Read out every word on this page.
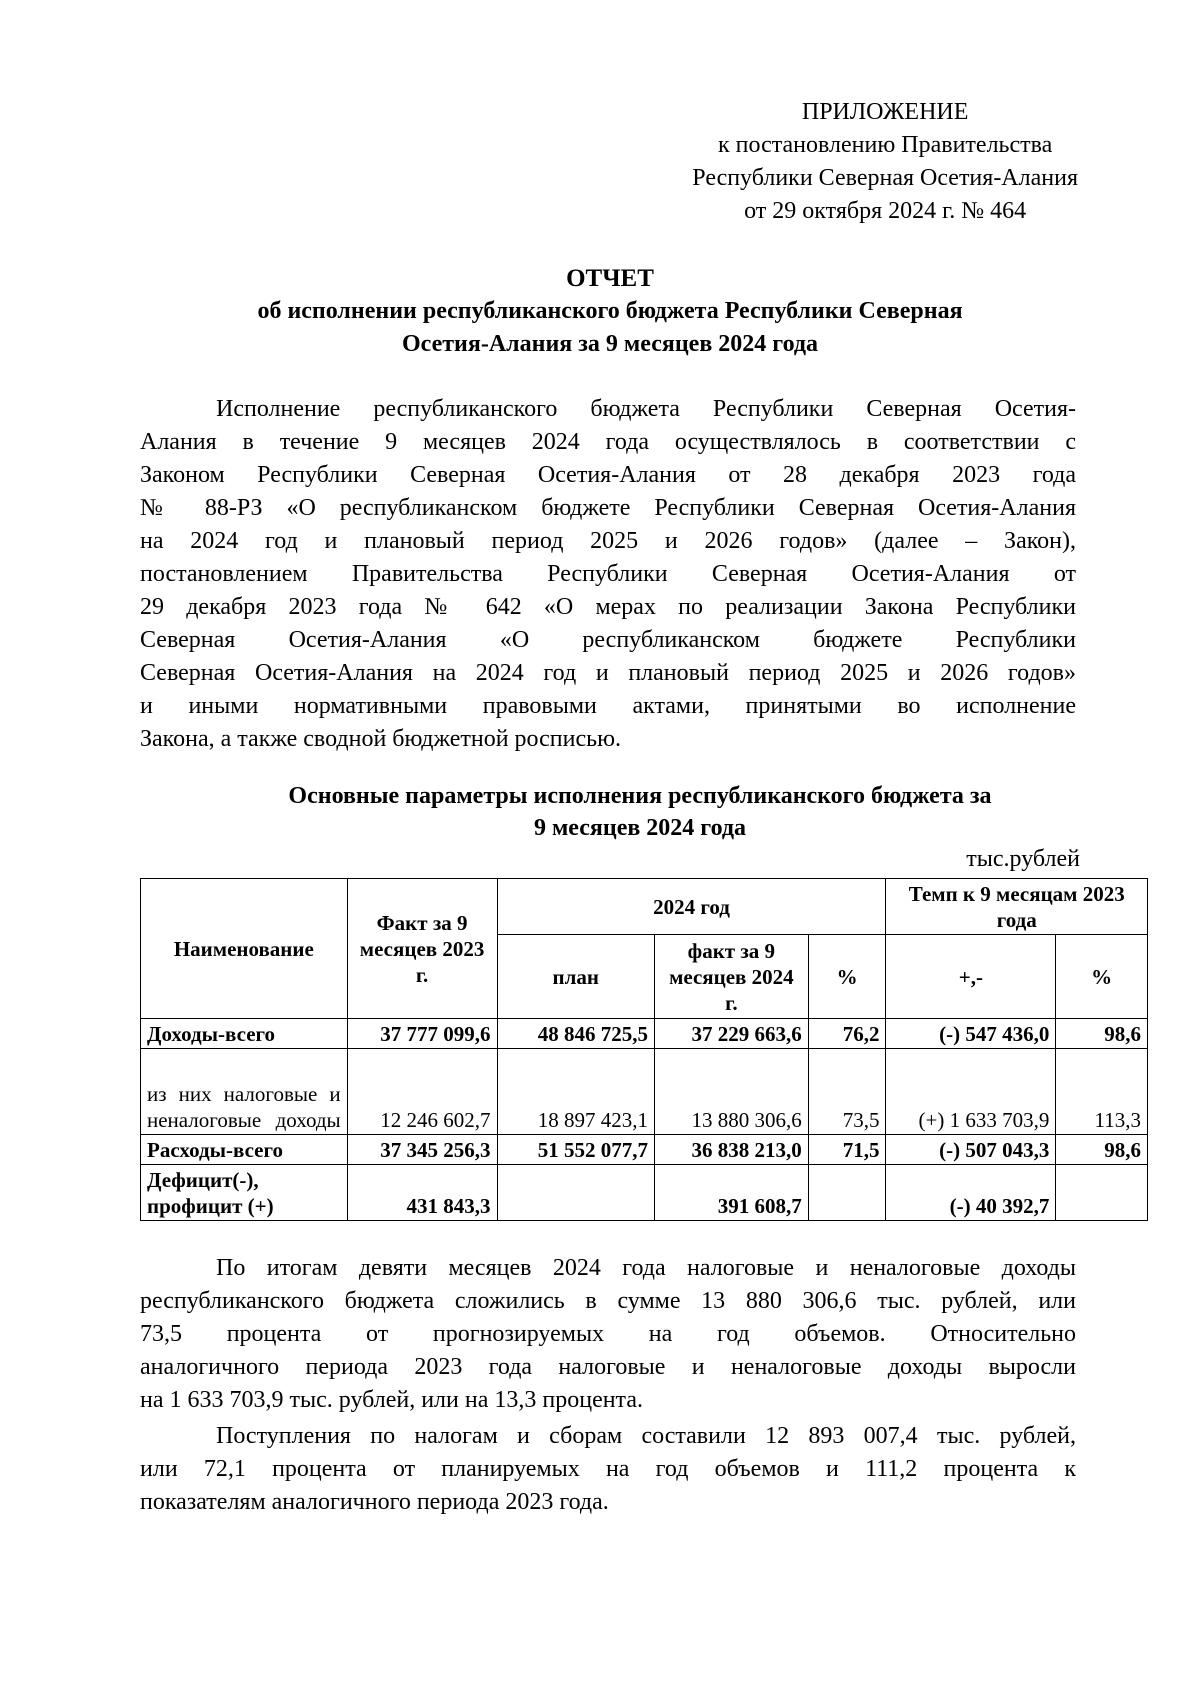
ПРИЛОЖЕНИЕ
к постановлению Правительства
Республики Северная Осетия-Алания
от 29 октября 2024 г. № 464
ОТЧЕТ
об исполнении республиканского бюджета Республики Северная
Осетия-Алания за 9 месяцев 2024 года
Исполнение республиканского бюджета Республики Северная Осетия-
Алания в течение 9 месяцев 2024 года осуществлялось в соответствии с
Законом Республики Северная Осетия-Алания от 28 декабря 2023 года
№ 88-РЗ «О республиканском бюджете Республики Северная Осетия-Алания
на 2024 год и плановый период 2025 и 2026 годов» (далее – Закон),
постановлением Правительства Республики Северная Осетия-Алания от
29 декабря 2023 года № 642 «О мерах по реализации Закона Республики
Северная Осетия-Алания «О республиканском бюджете Республики
Северная Осетия-Алания на 2024 год и плановый период 2025 и 2026 годов»
и иными нормативными правовыми актами, принятыми во исполнение
Закона, а также сводной бюджетной росписью.
Основные параметры исполнения республиканского бюджета за
9 месяцев 2024 года
тыс.рублей
Наименование	Факт за 9 месяцев 2023 г.	2024 год			Темп к 9 месяцам 2023 года	
		план	факт за 9 месяцев 2024 г.	%	+,-	%
Доходы-всего	37 777 099,6	48 846 725,5	37 229 663,6	76,2	(-) 547 436,0	98,6
из них налоговые и неналоговые доходы	12 246 602,7	18 897 423,1	13 880 306,6	73,5	(+) 1 633 703,9	113,3
Расходы-всего	37 345 256,3	51 552 077,7	36 838 213,0	71,5	(-) 507 043,3	98,6
Дефицит(-), профицит (+)	431 843,3		391 608,7		(-) 40 392,7	
По итогам девяти месяцев 2024 года налоговые и неналоговые доходы
республиканского бюджета сложились в сумме 13 880 306,6 тыс. рублей, или
73,5 процента от прогнозируемых на год объемов. Относительно
аналогичного периода 2023 года налоговые и неналоговые доходы выросли
на 1 633 703,9 тыс. рублей, или на 13,3 процента.
Поступления по налогам и сборам составили 12 893 007,4 тыс. рублей,
или 72,1 процента от планируемых на год объемов и 111,2 процента к
показателям аналогичного периода 2023 года.
